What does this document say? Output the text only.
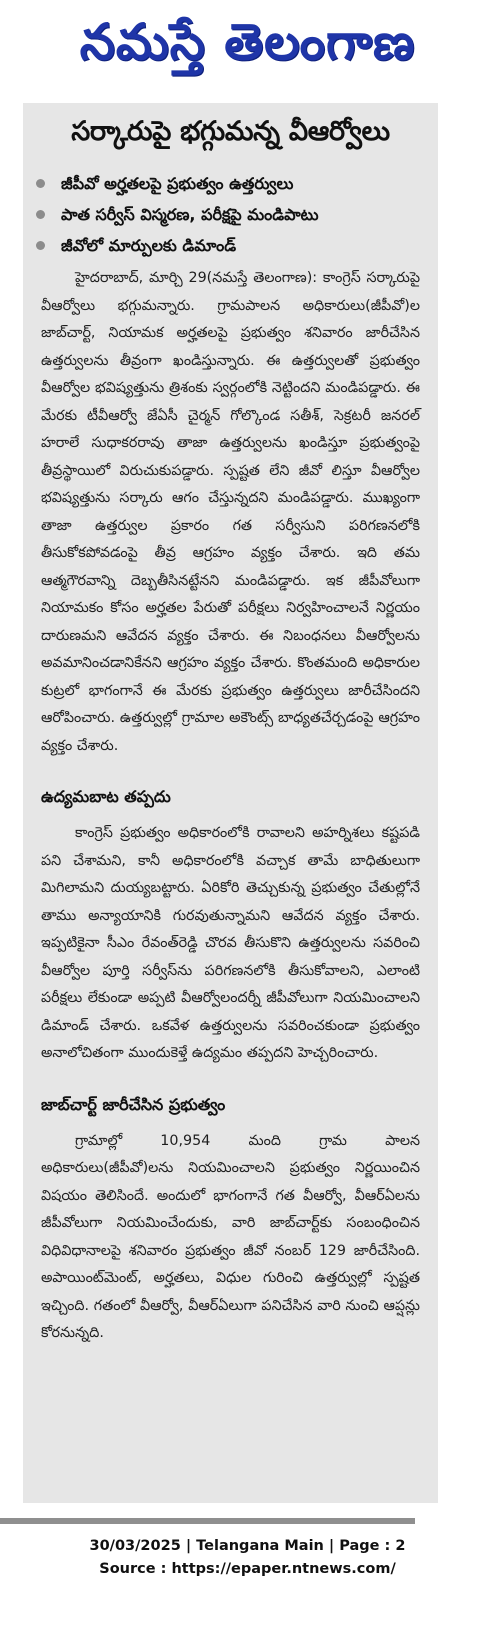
నమస్తే తెలంగాణ
సర్కారుపై భగ్గుమన్న వీఆర్వోలు
జీపీవో అర్హతలపై ప్రభుత్వం ఉత్తర్వులు
పాత సర్వీస్ విస్మరణ, పరీక్షపై మండిపాటు
జీవోలో మార్పులకు డిమాండ్

హైదరాబాద్, మార్చి 29(నమస్తే తెలంగాణ): కాంగ్రెస్ సర్కారుపై వీఆర్వోలు భగ్గుమన్నారు. గ్రామపాలన అధికారులు(జీపీవో)ల జాబ్‌చార్ట్, నియామక అర్హతలపై ప్రభుత్వం శనివారం జారీచేసిన ఉత్తర్వులను తీవ్రంగా ఖండిస్తున్నారు. ఈ ఉత్తర్వులతో ప్రభుత్వం వీఆర్వోల భవిష్యత్తును త్రిశంకు స్వర్గంలోకి నెట్టిందని మండిపడ్డారు. ఈ మేరకు టీవీఆర్వో జేఏసీ చైర్మన్ గోల్కొండ సతీశ్, సెక్రటరీ జనరల్ హరాలే సుధాకరరావు తాజా ఉత్తర్వులను ఖండిస్తూ ప్రభుత్వంపై తీవ్రస్థాయిలో విరుచుకుపడ్డారు. స్పష్టత లేని జీవో లిస్తూ వీఆర్వోల భవిష్యత్తును సర్కారు ఆగం చేస్తున్నదని మండిపడ్డారు. ముఖ్యంగా తాజా ఉత్తర్వుల ప్రకారం గత సర్వీసుని పరిగణనలోకి తీసుకోకపోవడంపై తీవ్ర ఆగ్రహం వ్యక్తం చేశారు. ఇది తమ ఆత్మగౌరవాన్ని దెబ్బతీసినట్టేనని మండిపడ్డారు. ఇక జీపీవోలుగా నియామకం కోసం అర్హతల పేరుతో పరీక్షలు నిర్వహించాలనే నిర్ణయం దారుణమని ఆవేదన వ్యక్తం చేశారు. ఈ నిబంధనలు వీఆర్వోలను అవమానించడానికేనని ఆగ్రహం వ్యక్తం చేశారు. కొంతమంది అధికారుల కుట్రలో భాగంగానే ఈ మేరకు ప్రభుత్వం ఉత్తర్వులు జారీచేసిందని ఆరోపించారు. ఉత్తర్వుల్లో గ్రామాల అకౌంట్స్ బాధ్యతచేర్చడంపై ఆగ్రహం వ్యక్తం చేశారు.

ఉద్యమబాట తప్పదు

కాంగ్రెస్ ప్రభుత్వం అధికారంలోకి రావాలని అహర్నిశలు కష్టపడి పని చేశామని, కానీ అధికారంలోకి వచ్చాక తామే బాధితులుగా మిగిలామని దుయ్యబట్టారు. ఏరికోరి తెచ్చుకున్న ప్రభుత్వం చేతుల్లోనే తాము అన్యాయానికి గురవుతున్నామని ఆవేదన వ్యక్తం చేశారు. ఇప్పటికైనా సీఎం రేవంత్‌రెడ్డి చొరవ తీసుకొని ఉత్తర్వులను సవరించి వీఆర్వోల పూర్తి సర్వీస్‌ను పరిగణనలోకి తీసుకోవాలని, ఎలాంటి పరీక్షలు లేకుండా అప్పటి వీఆర్వోలందర్నీ జీపీవోలుగా నియమించాలని డిమాండ్ చేశారు. ఒకవేళ ఉత్తర్వులను సవరించకుండా ప్రభుత్వం అనాలోచితంగా ముందుకెళ్తే ఉద్యమం తప్పదని హెచ్చరించారు.

జాబ్‌చార్ట్ జారీచేసిన ప్రభుత్వం

గ్రామాల్లో 10,954 మంది గ్రామ పాలన అధికారులు(జీపీవో)లను నియమించాలని ప్రభుత్వం నిర్ణయించిన విషయం తెలిసిందే. అందులో భాగంగానే గత వీఆర్వో, వీఆర్‌ఏలను జీపీవోలుగా నియమించేందుకు, వారి జాబ్‌చార్ట్‌కు సంబంధించిన విధివిధానాలపై శనివారం ప్రభుత్వం జీవో నంబర్ 129 జారీచేసింది. అపాయింట్‌మెంట్, అర్హతలు, విధుల గురించి ఉత్తర్వుల్లో స్పష్టత ఇచ్చింది. గతంలో వీఆర్వో, వీఆర్‌ఏలుగా పనిచేసిన వారి నుంచి ఆప్షన్లు కోరనున్నది.

30/03/2025 | Telangana Main | Page : 2
Source : https://epaper.ntnews.com/
